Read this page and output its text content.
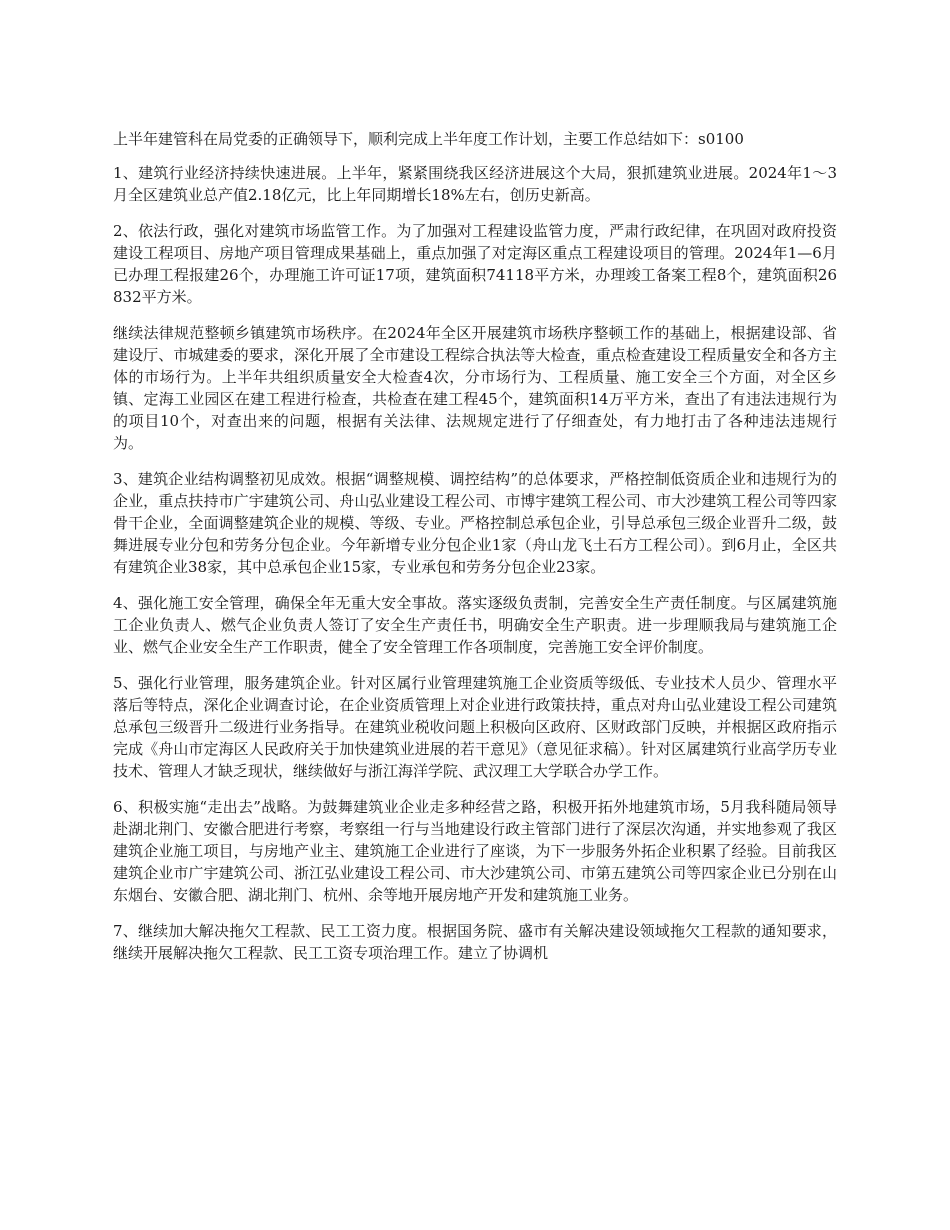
上半年建管科在局党委的正确领导下，顺利完成上半年度工作计划，主要工作总结如下：s0100

1、建筑行业经济持续快速进展。上半年，紧紧围绕我区经济进展这个大局，狠抓建筑业进展。2024年1～3月全区建筑业总产值2.18亿元，比上年同期增长18%左右，创历史新高。

2、依法行政，强化对建筑市场监管工作。为了加强对工程建设监管力度，严肃行政纪律，在巩固对政府投资建设工程项目、房地产项目管理成果基础上，重点加强了对定海区重点工程建设项目的管理。2024年1—6月已办理工程报建26个，办理施工许可证17项，建筑面积74118平方米，办理竣工备案工程8个，建筑面积26832平方米。

继续法律规范整顿乡镇建筑市场秩序。在2024年全区开展建筑市场秩序整顿工作的基础上，根据建设部、省建设厅、市城建委的要求，深化开展了全市建设工程综合执法等大检查，重点检查建设工程质量安全和各方主体的市场行为。上半年共组织质量安全大检查4次，分市场行为、工程质量、施工安全三个方面，对全区乡镇、定海工业园区在建工程进行检查，共检查在建工程45个，建筑面积14万平方米，查出了有违法违规行为的项目10个，对查出来的问题，根据有关法律、法规规定进行了仔细查处，有力地打击了各种违法违规行为。

3、建筑企业结构调整初见成效。根据“调整规模、调控结构”的总体要求，严格控制低资质企业和违规行为的企业，重点扶持市广宇建筑公司、舟山弘业建设工程公司、市博宇建筑工程公司、市大沙建筑工程公司等四家骨干企业，全面调整建筑企业的规模、等级、专业。严格控制总承包企业，引导总承包三级企业晋升二级，鼓舞进展专业分包和劳务分包企业。今年新增专业分包企业1家（舟山龙飞土石方工程公司）。到6月止，全区共有建筑企业38家，其中总承包企业15家，专业承包和劳务分包企业23家。

4、强化施工安全管理，确保全年无重大安全事故。落实逐级负责制，完善安全生产责任制度。与区属建筑施工企业负责人、燃气企业负责人签订了安全生产责任书，明确安全生产职责。进一步理顺我局与建筑施工企业、燃气企业安全生产工作职责，健全了安全管理工作各项制度，完善施工安全评价制度。

5、强化行业管理，服务建筑企业。针对区属行业管理建筑施工企业资质等级低、专业技术人员少、管理水平落后等特点，深化企业调查讨论，在企业资质管理上对企业进行政策扶持，重点对舟山弘业建设工程公司建筑总承包三级晋升二级进行业务指导。在建筑业税收问题上积极向区政府、区财政部门反映，并根据区政府指示完成《舟山市定海区人民政府关于加快建筑业进展的若干意见》（意见征求稿）。针对区属建筑行业高学历专业技术、管理人才缺乏现状，继续做好与浙江海洋学院、武汉理工大学联合办学工作。

6、积极实施“走出去”战略。为鼓舞建筑业企业走多种经营之路，积极开拓外地建筑市场，5月我科随局领导赴湖北荆门、安徽合肥进行考察，考察组一行与当地建设行政主管部门进行了深层次沟通，并实地参观了我区建筑企业施工项目，与房地产业主、建筑施工企业进行了座谈，为下一步服务外拓企业积累了经验。目前我区建筑企业市广宇建筑公司、浙江弘业建设工程公司、市大沙建筑公司、市第五建筑公司等四家企业已分别在山东烟台、安徽合肥、湖北荆门、杭州、余等地开展房地产开发和建筑施工业务。

7、继续加大解决拖欠工程款、民工工资力度。根据国务院、盛市有关解决建设领域拖欠工程款的通知要求，继续开展解决拖欠工程款、民工工资专项治理工作。建立了协调机
